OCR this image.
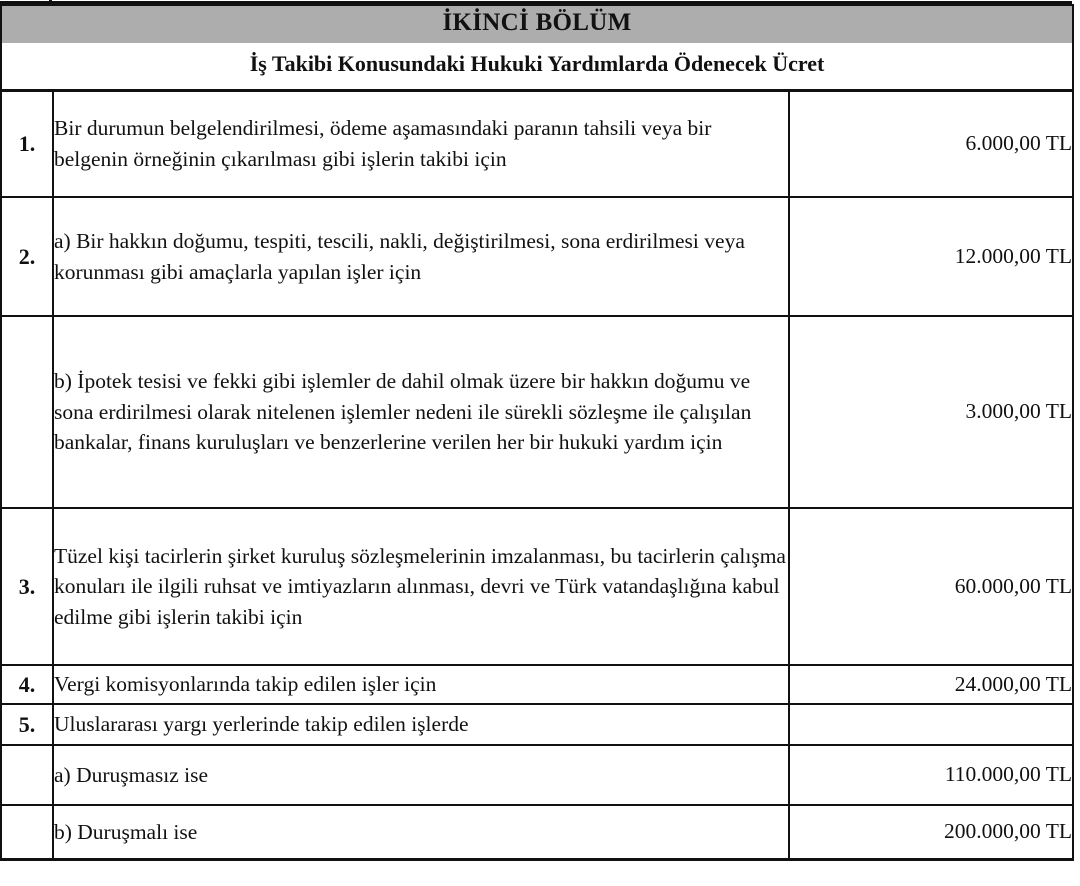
İKİNCİ BÖLÜM		

İş Takibi Konusundaki Hukuki Yardımlarda Ödenecek Ücret		

1.	Bir durumun belgelendirilmesi, ödeme aşamasındaki paranın tahsili veya bir belgenin örneğinin çıkarılması gibi işlerin takibi için	6.000,00 TL
2.	a) Bir hakkın doğumu, tespiti, tescili, nakli, değiştirilmesi, sona erdirilmesi veya korunması gibi amaçlarla yapılan işler için	12.000,00 TL
	b) İpotek tesisi ve fekki gibi işlemler de dahil olmak üzere bir hakkın doğumu ve sona erdirilmesi olarak nitelenen işlemler nedeni ile sürekli sözleşme ile çalışılan bankalar, finans kuruluşları ve benzerlerine verilen her bir hukuki yardım için	3.000,00 TL
3.	Tüzel kişi tacirlerin şirket kuruluş sözleşmelerinin imzalanması, bu tacirlerin çalışma konuları ile ilgili ruhsat ve imtiyazların alınması, devri ve Türk vatandaşlığına kabul edilme gibi işlerin takibi için	60.000,00 TL
4.	Vergi komisyonlarında takip edilen işler için	24.000,00 TL
5.	Uluslararası yargı yerlerinde takip edilen işlerde	
	a) Duruşmasız ise	110.000,00 TL
	b) Duruşmalı ise	200.000,00 TL
